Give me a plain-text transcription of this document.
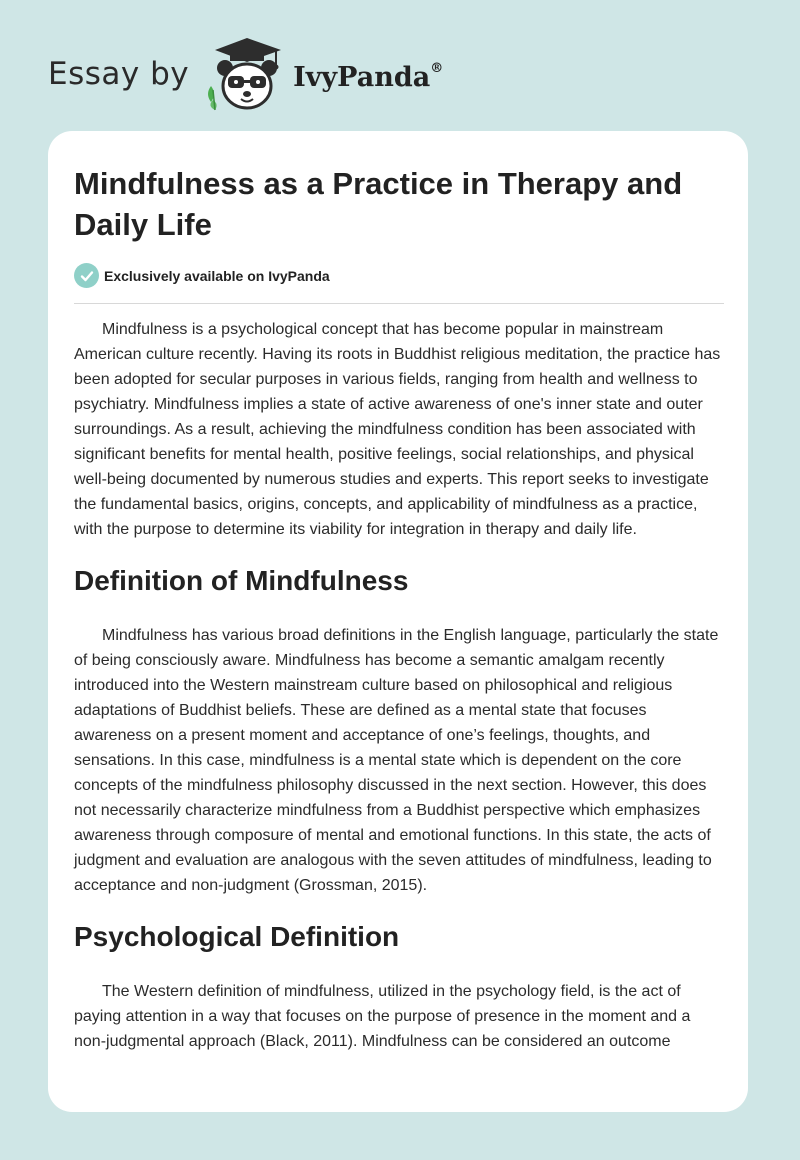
Essay by	IvyPanda®
Mindfulness as a Practice in Therapy and Daily Life
Exclusively available on IvyPanda

Mindfulness is a psychological concept that has become popular in mainstream American culture recently. Having its roots in Buddhist religious meditation, the practice has been adopted for secular purposes in various fields, ranging from health and wellness to psychiatry. Mindfulness implies a state of active awareness of one's inner state and outer surroundings. As a result, achieving the mindfulness condition has been associated with significant benefits for mental health, positive feelings, social relationships, and physical well-being documented by numerous studies and experts. This report seeks to investigate the fundamental basics, origins, concepts, and applicability of mindfulness as a practice, with the purpose to determine its viability for integration in therapy and daily life.

Definition of Mindfulness

Mindfulness has various broad definitions in the English language, particularly the state of being consciously aware. Mindfulness has become a semantic amalgam recently introduced into the Western mainstream culture based on philosophical and religious adaptations of Buddhist beliefs. These are defined as a mental state that focuses awareness on a present moment and acceptance of one’s feelings, thoughts, and sensations. In this case, mindfulness is a mental state which is dependent on the core concepts of the mindfulness philosophy discussed in the next section. However, this does not necessarily characterize mindfulness from a Buddhist perspective which emphasizes awareness through composure of mental and emotional functions. In this state, the acts of judgment and evaluation are analogous with the seven attitudes of mindfulness, leading to acceptance and non-judgment (Grossman, 2015).

Psychological Definition

The Western definition of mindfulness, utilized in the psychology field, is the act of paying attention in a way that focuses on the purpose of presence in the moment and a non-judgmental approach (Black, 2011). Mindfulness can be considered an outcome
